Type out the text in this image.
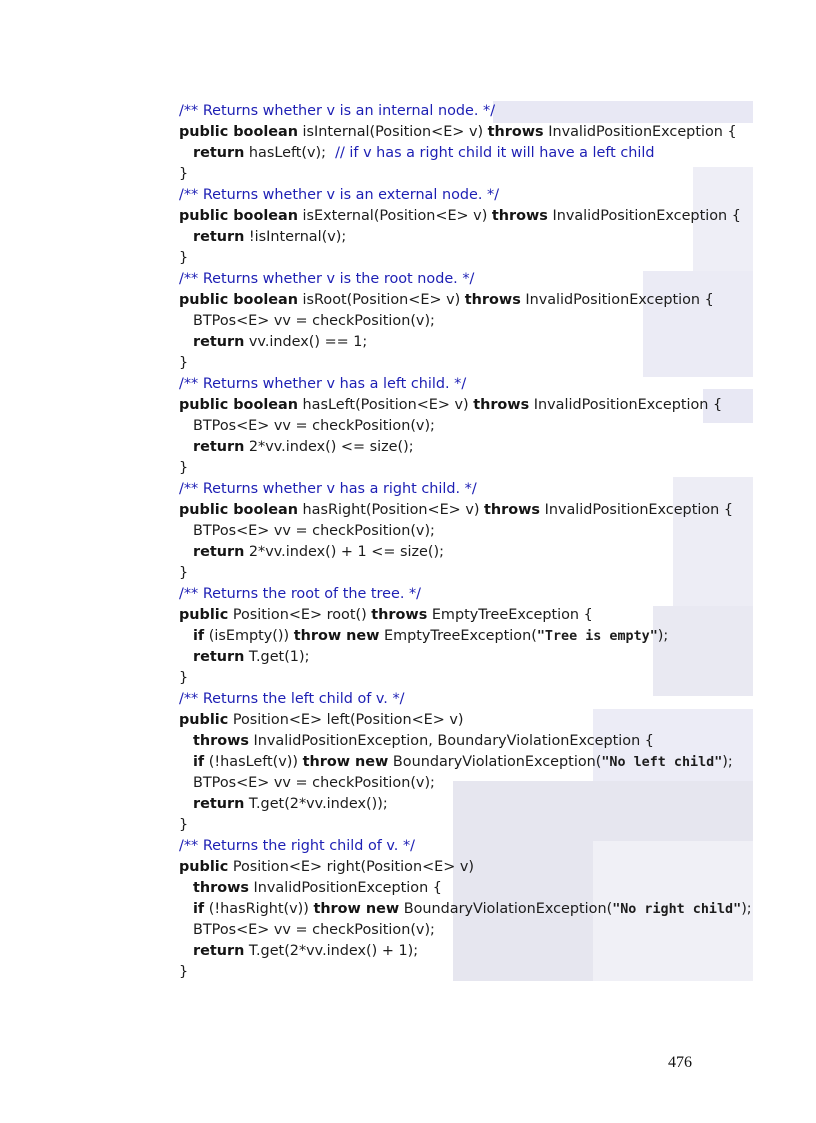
/** Returns whether v is an internal node. */
public boolean isInternal(Position<E> v) throws InvalidPositionException {
return hasLeft(v);  // if v has a right child it will have a left child
}
/** Returns whether v is an external node. */
public boolean isExternal(Position<E> v) throws InvalidPositionException {
return !isInternal(v);
}
/** Returns whether v is the root node. */
public boolean isRoot(Position<E> v) throws InvalidPositionException {
BTPos<E> vv = checkPosition(v);
return vv.index() == 1;
}
/** Returns whether v has a left child. */
public boolean hasLeft(Position<E> v) throws InvalidPositionException {
BTPos<E> vv = checkPosition(v);
return 2*vv.index() <= size();
}
/** Returns whether v has a right child. */
public boolean hasRight(Position<E> v) throws InvalidPositionException {
BTPos<E> vv = checkPosition(v);
return 2*vv.index() + 1 <= size();
}
/** Returns the root of the tree. */
public Position<E> root() throws EmptyTreeException {
if (isEmpty()) throw new EmptyTreeException("Tree is empty");
return T.get(1);
}
/** Returns the left child of v. */
public Position<E> left(Position<E> v)
throws InvalidPositionException, BoundaryViolationException {
if (!hasLeft(v)) throw new BoundaryViolationException("No left child");
BTPos<E> vv = checkPosition(v);
return T.get(2*vv.index());
}
/** Returns the right child of v. */
public Position<E> right(Position<E> v)
throws InvalidPositionException {
if (!hasRight(v)) throw new BoundaryViolationException("No right child");
BTPos<E> vv = checkPosition(v);
return T.get(2*vv.index() + 1);
}
476
